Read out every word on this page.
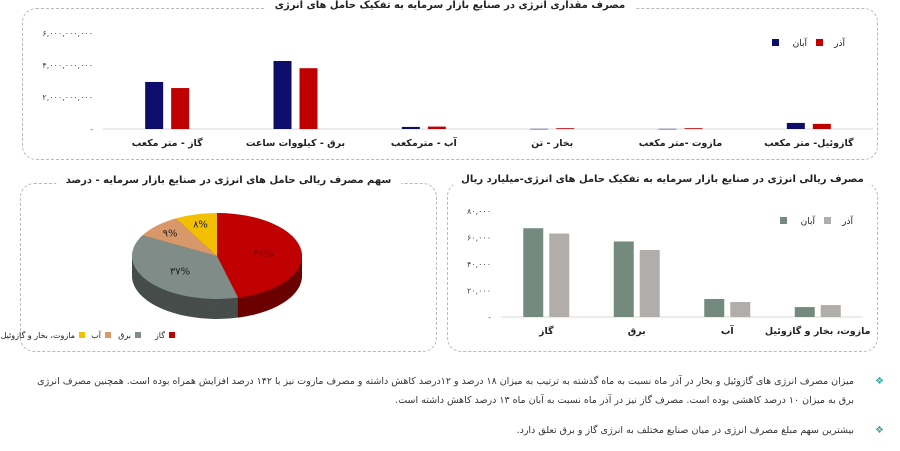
مصرف مقداری انرژی در صنایع بازار سرمایه به تفکیک حامل های انرژی
-
۲,۰۰۰,۰۰۰,۰۰۰
۴,۰۰۰,۰۰۰,۰۰۰
۶,۰۰۰,۰۰۰,۰۰۰
گاز - متر مکعب	برق - کیلووات ساعت	آب - مترمکعب	بخار - تن	مازوت -متر مکعب	گازوئیل- متر مکعب
آذر
آبان
سهم مصرف ریالی حامل های انرژی در صنایع بازار سرمایه - درصد
۴۶%
۳۷%
۹%
۸%
گاز
برق
آب
مازوت، بخار و گازوئیل
مصرف ریالی انرژی در صنایع بازار سرمایه به تفکیک حامل های انرژی-میلیارد ریال
-
۲۰,۰۰۰
۴۰,۰۰۰
۶۰,۰۰۰
۸۰,۰۰۰
گاز	برق	آب	مازوت، بخار و گازوئیل
آذر
آبان
❖
میزان مصرف انرژی های گازوئیل و بخار در آذر ماه نسبت به ماه گذشته به ترتیب به میزان ۱۸ درصد و ۱۲درصد کاهش داشته و مصرف مازوت نیز با ۱۴۲ درصد افزایش همراه بوده است. همچنین مصرف انرژی برق به میزان ۱۰ درصد کاهشی بوده است. مصرف گاز نیز در آذر ماه نسبت به آبان ماه ۱۳ درصد کاهش داشته است.
❖
بیشترین سهم مبلغ مصرف انرژی در میان صنایع مختلف به انرژی گاز و برق تعلق دارد.
